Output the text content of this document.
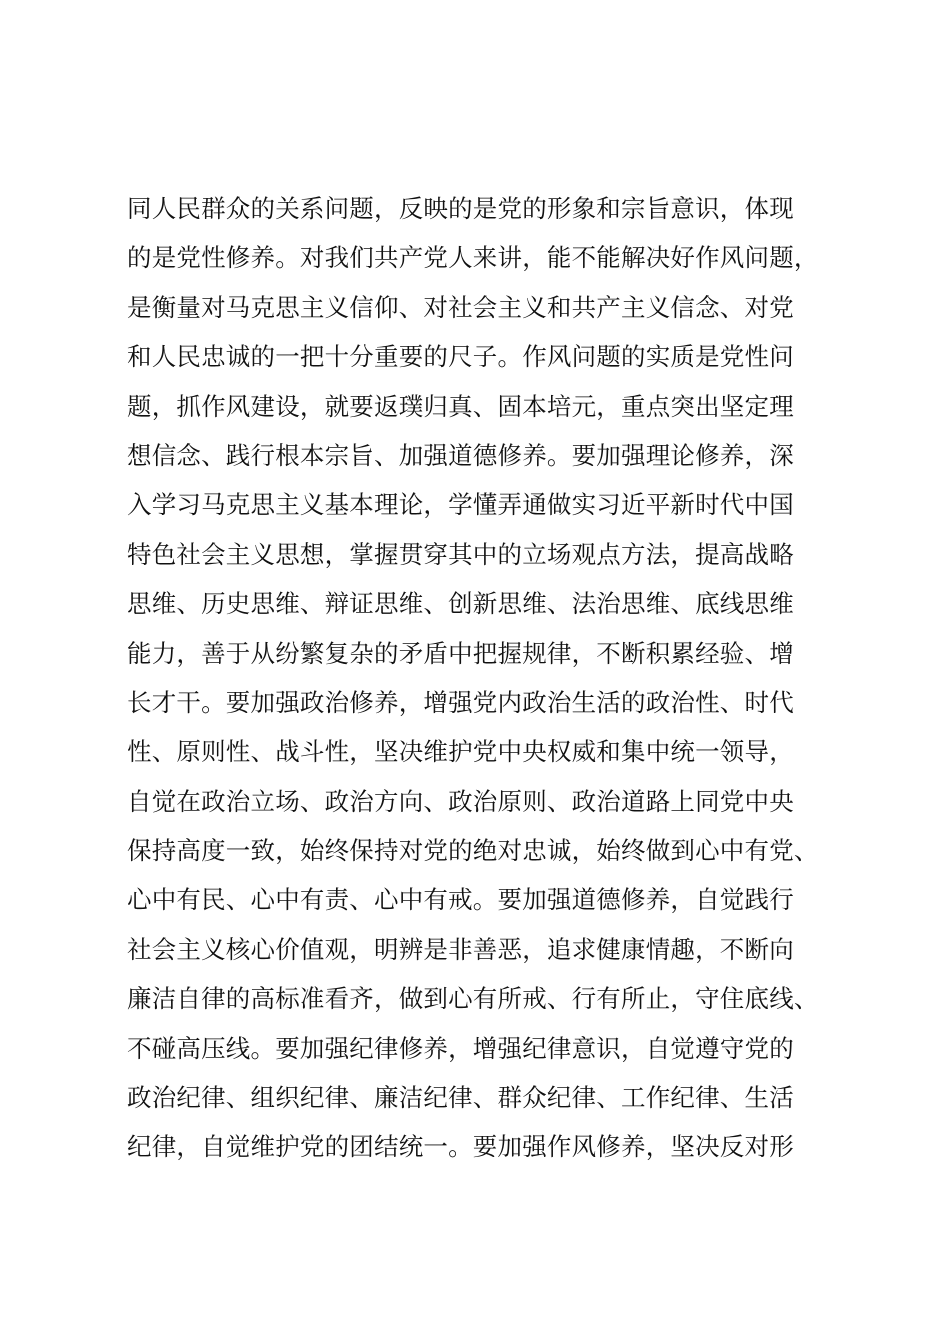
同人民群众的关系问题，反映的是党的形象和宗旨意识，体现
的是党性修养。对我们共产党人来讲，能不能解决好作风问题，
是衡量对马克思主义信仰、对社会主义和共产主义信念、对党
和人民忠诚的一把十分重要的尺子。作风问题的实质是党性问
题，抓作风建设，就要返璞归真、固本培元，重点突出坚定理
想信念、践行根本宗旨、加强道德修养。要加强理论修养，深
入学习马克思主义基本理论，学懂弄通做实习近平新时代中国
特色社会主义思想，掌握贯穿其中的立场观点方法，提高战略
思维、历史思维、辩证思维、创新思维、法治思维、底线思维
能力，善于从纷繁复杂的矛盾中把握规律，不断积累经验、增
长才干。要加强政治修养，增强党内政治生活的政治性、时代
性、原则性、战斗性，坚决维护党中央权威和集中统一领导，
自觉在政治立场、政治方向、政治原则、政治道路上同党中央
保持高度一致，始终保持对党的绝对忠诚，始终做到心中有党、
心中有民、心中有责、心中有戒。要加强道德修养，自觉践行
社会主义核心价值观，明辨是非善恶，追求健康情趣，不断向
廉洁自律的高标准看齐，做到心有所戒、行有所止，守住底线、
不碰高压线。要加强纪律修养，增强纪律意识，自觉遵守党的
政治纪律、组织纪律、廉洁纪律、群众纪律、工作纪律、生活
纪律，自觉维护党的团结统一。要加强作风修养，坚决反对形
